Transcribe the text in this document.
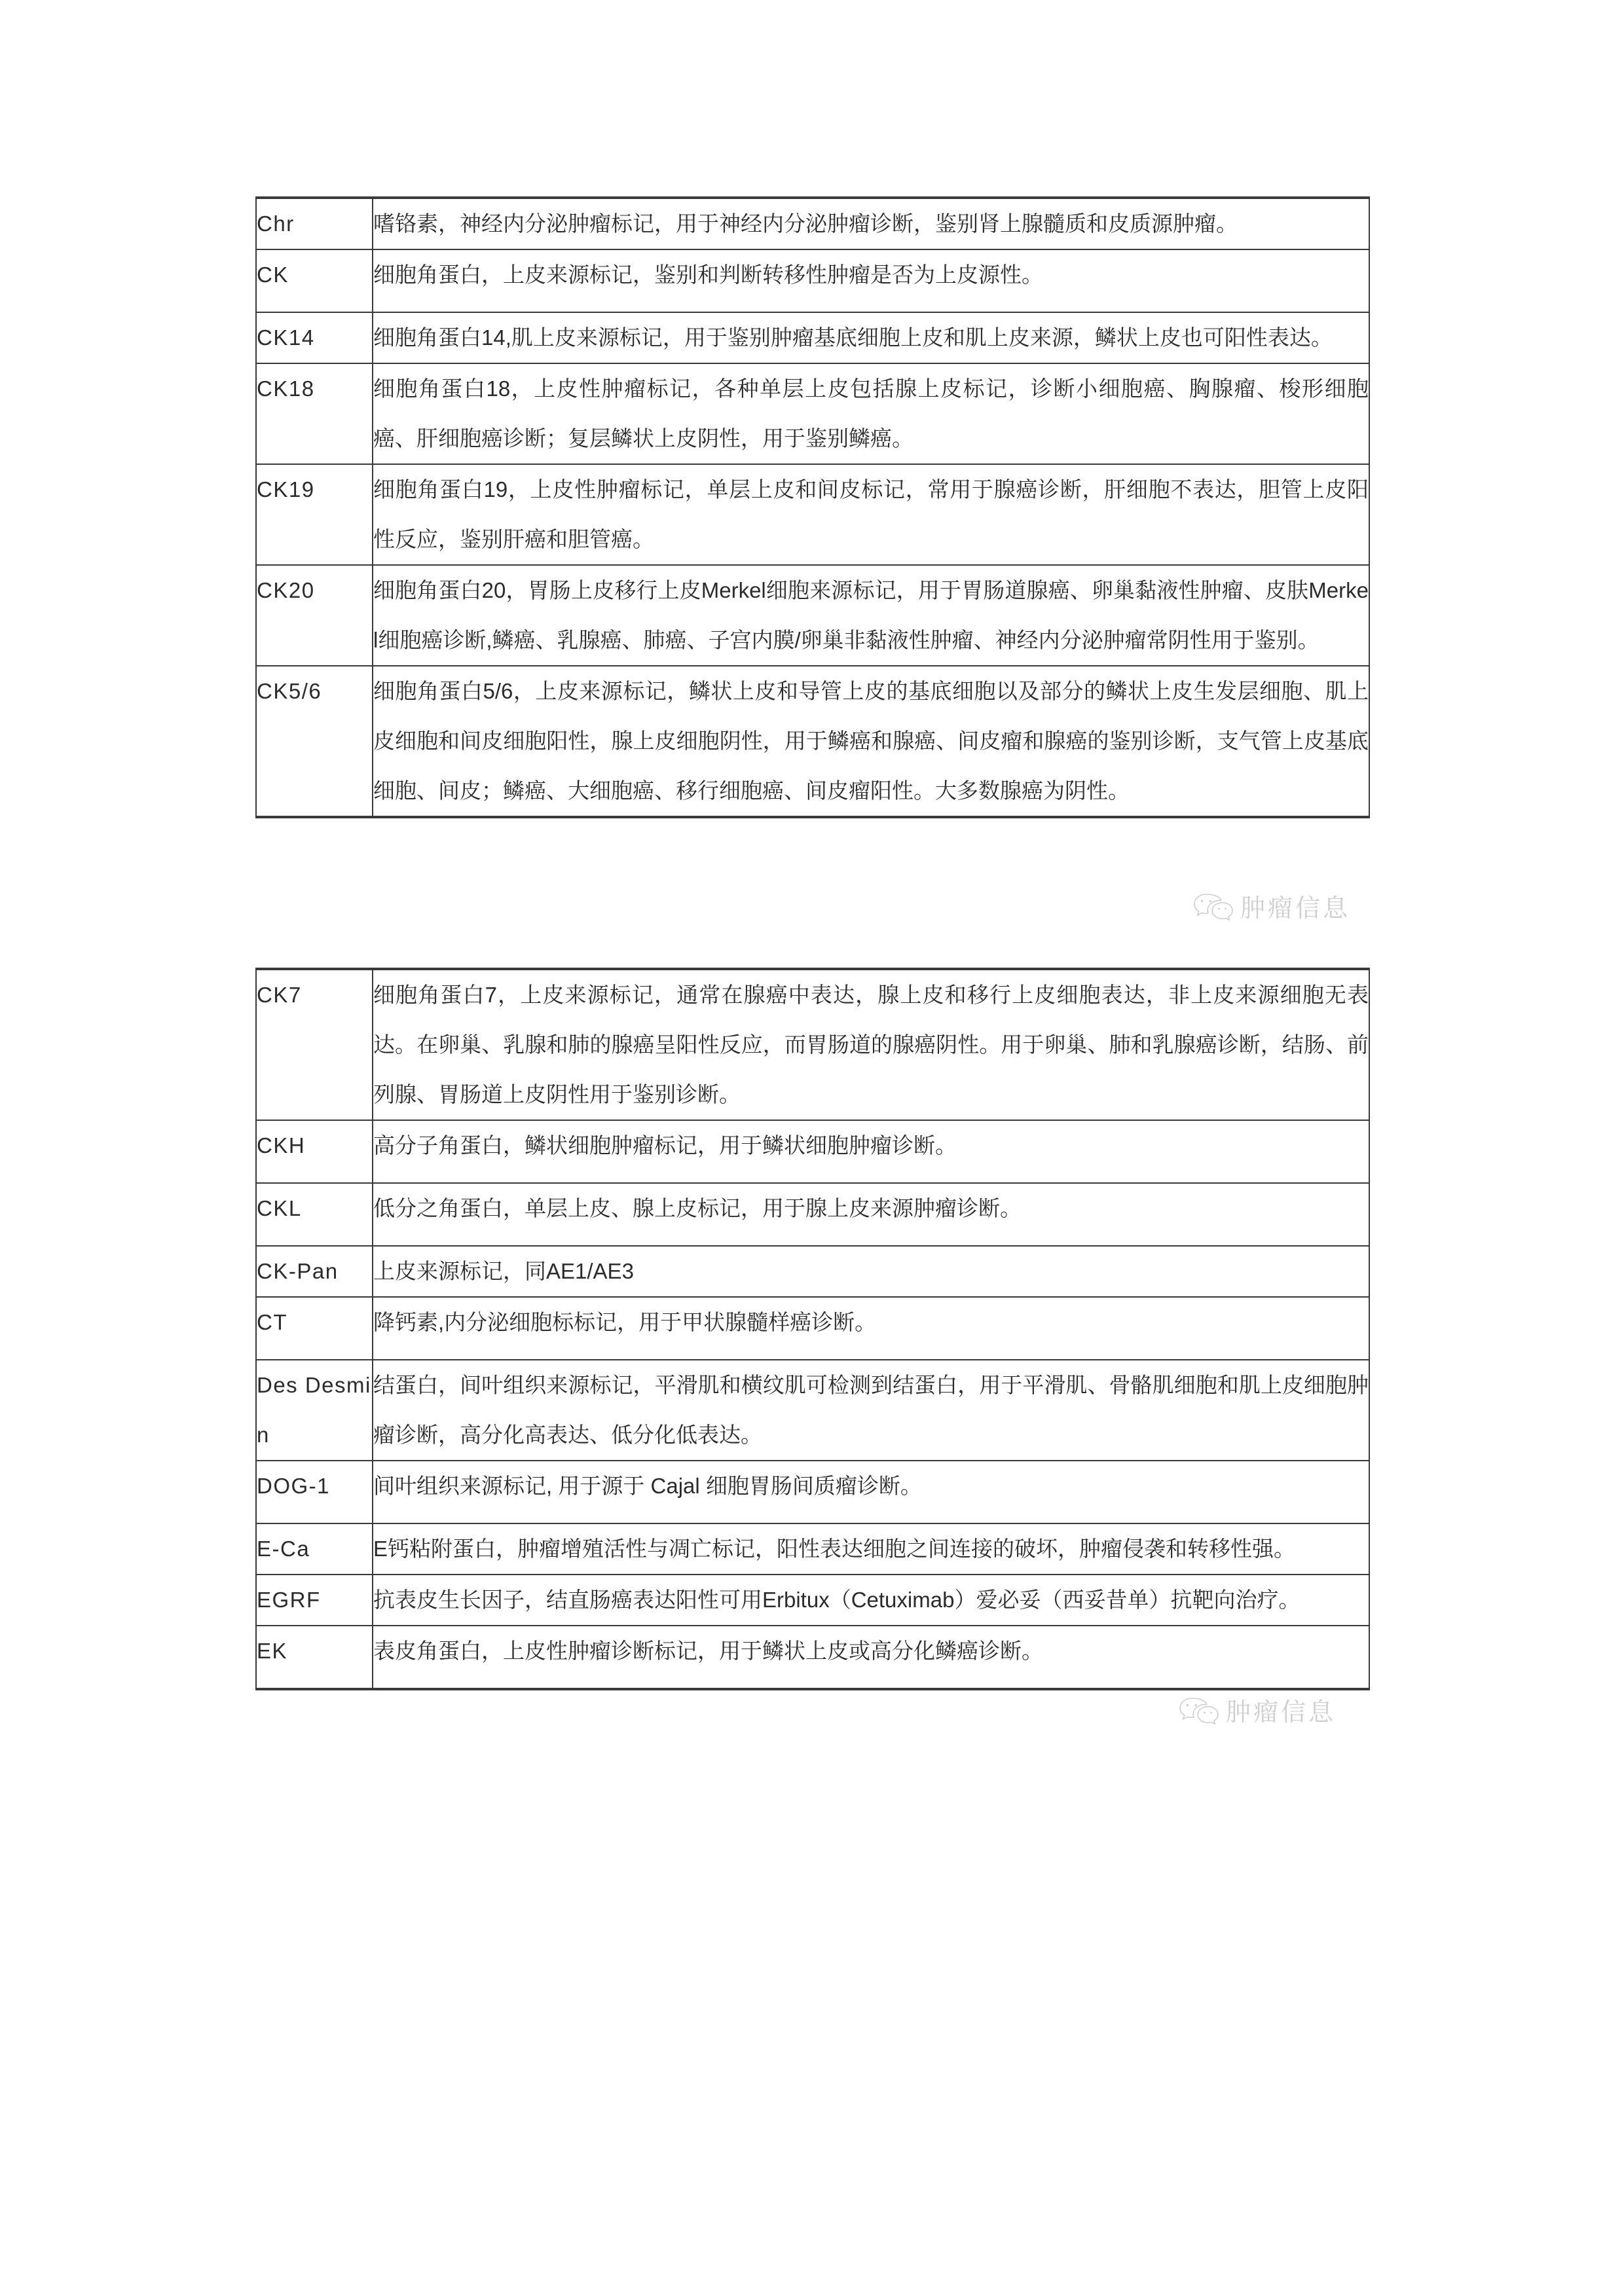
Chr	嗜铬素，神经内分泌肿瘤标记，用于神经内分泌肿瘤诊断，鉴别肾上腺髓质和皮质源肿瘤。
CK	细胞角蛋白，上皮来源标记，鉴别和判断转移性肿瘤是否为上皮源性。
CK14	细胞角蛋白14,肌上皮来源标记，用于鉴别肿瘤基底细胞上皮和肌上皮来源，鳞状上皮也可阳性表达。
CK18	细胞角蛋白18，上皮性肿瘤标记，各种单层上皮包括腺上皮标记，诊断小细胞癌、胸腺瘤、梭形细胞癌、肝细胞癌诊断；复层鳞状上皮阴性，用于鉴别鳞癌。
CK19	细胞角蛋白19，上皮性肿瘤标记，单层上皮和间皮标记，常用于腺癌诊断，肝细胞不表达，胆管上皮阳性反应，鉴别肝癌和胆管癌。
CK20	细胞角蛋白20，胃肠上皮移行上皮Merkel细胞来源标记，用于胃肠道腺癌、卵巢黏液性肿瘤、皮肤Merkel细胞癌诊断,鳞癌、乳腺癌、肺癌、子宫内膜/卵巢非黏液性肿瘤、神经内分泌肿瘤常阴性用于鉴别。
CK5/6	细胞角蛋白5/6，上皮来源标记，鳞状上皮和导管上皮的基底细胞以及部分的鳞状上皮生发层细胞、肌上皮细胞和间皮细胞阳性，腺上皮细胞阴性，用于鳞癌和腺癌、间皮瘤和腺癌的鉴别诊断，支气管上皮基底细胞、间皮；鳞癌、大细胞癌、移行细胞癌、间皮瘤阳性。大多数腺癌为阴性。
CK7	细胞角蛋白7，上皮来源标记，通常在腺癌中表达，腺上皮和移行上皮细胞表达，非上皮来源细胞无表达。在卵巢、乳腺和肺的腺癌呈阳性反应，而胃肠道的腺癌阴性。用于卵巢、肺和乳腺癌诊断，结肠、前列腺、胃肠道上皮阴性用于鉴别诊断。
CKH	高分子角蛋白，鳞状细胞肿瘤标记，用于鳞状细胞肿瘤诊断。
CKL	低分之角蛋白，单层上皮、腺上皮标记，用于腺上皮来源肿瘤诊断。
CK-Pan	上皮来源标记，同AE1/AE3
CT	降钙素,内分泌细胞标标记，用于甲状腺髓样癌诊断。
Des Desmin	结蛋白，间叶组织来源标记，平滑肌和横纹肌可检测到结蛋白，用于平滑肌、骨骼肌细胞和肌上皮细胞肿瘤诊断，高分化高表达、低分化低表达。
DOG-1	间叶组织来源标记, 用于源于 Cajal 细胞胃肠间质瘤诊断。
E-Ca	E钙粘附蛋白，肿瘤增殖活性与凋亡标记，阳性表达细胞之间连接的破坏，肿瘤侵袭和转移性强。
EGRF	抗表皮生长因子，结直肠癌表达阳性可用Erbitux（Cetuximab）爱必妥（西妥昔单）抗靶向治疗。
EK	表皮角蛋白，上皮性肿瘤诊断标记，用于鳞状上皮或高分化鳞癌诊断。
肿瘤信息
肿瘤信息
